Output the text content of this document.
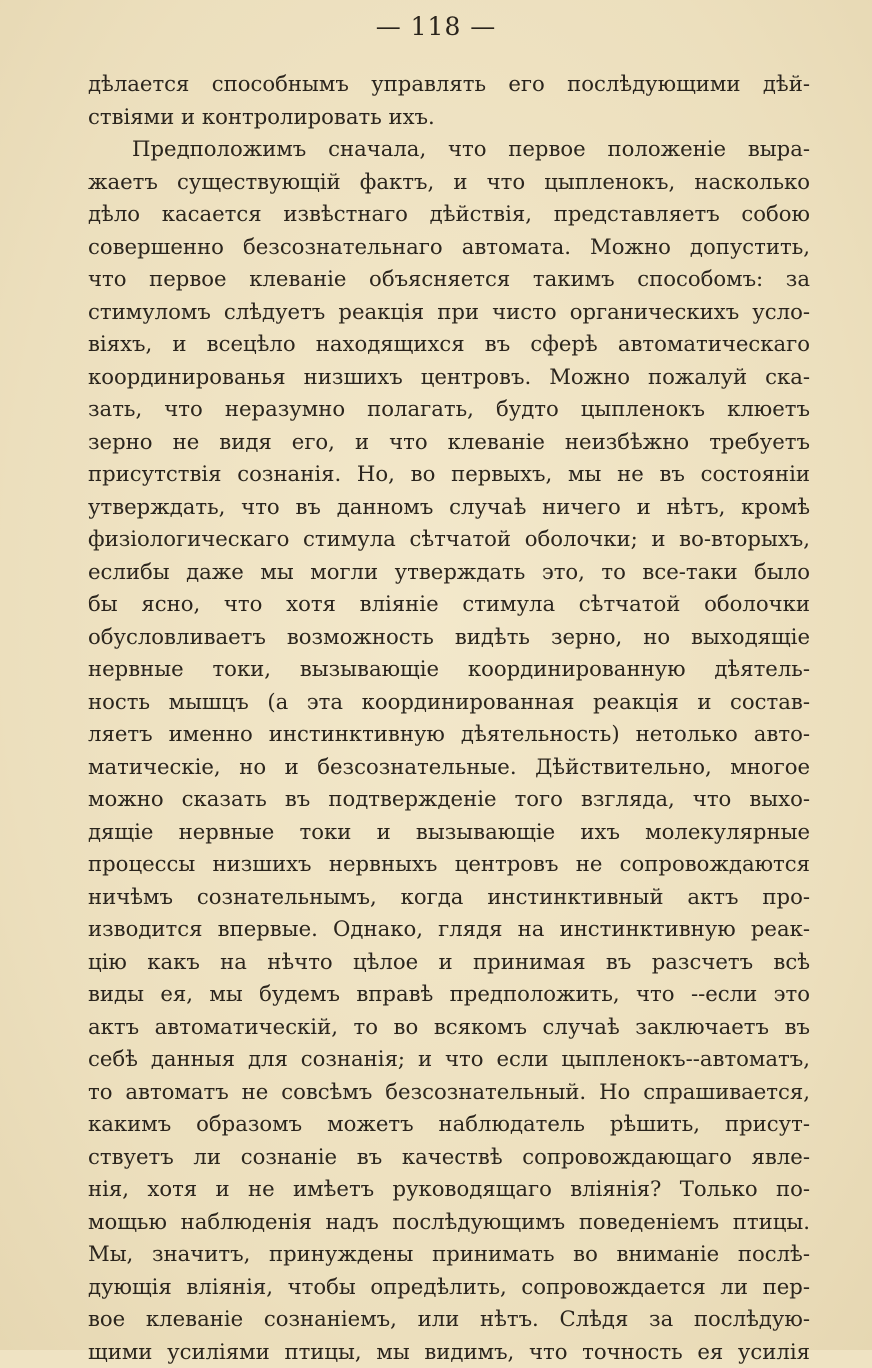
— 118 —
дѣлается способнымъ управлять его послѣдующими дѣй-
ствіями и контролировать ихъ.
Предположимъ сначала, что первое положеніе выра-
жаетъ существующій фактъ, и что цыпленокъ, насколько
дѣло касается извѣстнаго дѣйствія, представляетъ собою
совершенно безсознательнаго автомата. Можно допустить,
что первое клеваніе объясняется такимъ способомъ: за
стимуломъ слѣдуетъ реакція при чисто органическихъ усло-
віяхъ, и всецѣло находящихся въ сферѣ автоматическаго
координированья низшихъ центровъ. Можно пожалуй ска-
зать, что неразумно полагать, будто цыпленокъ клюетъ
зерно не видя его, и что клеваніе неизбѣжно требуетъ
присутствія сознанія. Но, во первыхъ, мы не въ состояніи
утверждать, что въ данномъ случаѣ ничего и нѣтъ, кромѣ
физіологическаго стимула сѣтчатой оболочки; и во-вторыхъ,
еслибы даже мы могли утверждать это, то все-таки было
бы ясно, что хотя вліяніе стимула сѣтчатой оболочки
обусловливаетъ возможность видѣть зерно, но выходящіе
нервные токи, вызывающіе координированную дѣятель-
ность мышцъ (а эта координированная реакція и состав-
ляетъ именно инстинктивную дѣятельность) нетолько авто-
матическіе, но и безсознательные. Дѣйствительно, многое
можно сказать въ подтвержденіе того взгляда, что выхо-
дящіе нервные токи и вызывающіе ихъ молекулярные
процессы низшихъ нервныхъ центровъ не сопровождаются
ничѣмъ сознательнымъ, когда инстинктивный актъ про-
изводится впервые. Однако, глядя на инстинктивную реак-
цію какъ на нѣчто цѣлое и принимая въ разсчетъ всѣ
виды ея, мы будемъ вправѣ предположить, что --если это
актъ автоматическій, то во всякомъ случаѣ заключаетъ въ
себѣ данныя для сознанія; и что если цыпленокъ--автоматъ,
то автоматъ не совсѣмъ безсознательный. Но спрашивается,
какимъ образомъ можетъ наблюдатель рѣшить, присут-
ствуетъ ли сознаніе въ качествѣ сопровождающаго явле-
нія, хотя и не имѣетъ руководящаго вліянія? Только по-
мощью наблюденія надъ послѣдующимъ поведеніемъ птицы.
Мы, значитъ, принуждены принимать во вниманіе послѣ-
дующія вліянія, чтобы опредѣлить, сопровождается ли пер-
вое клеваніе сознаніемъ, или нѣтъ. Слѣдя за послѣдую-
щими усиліями птицы, мы видимъ, что точность ея усилія
